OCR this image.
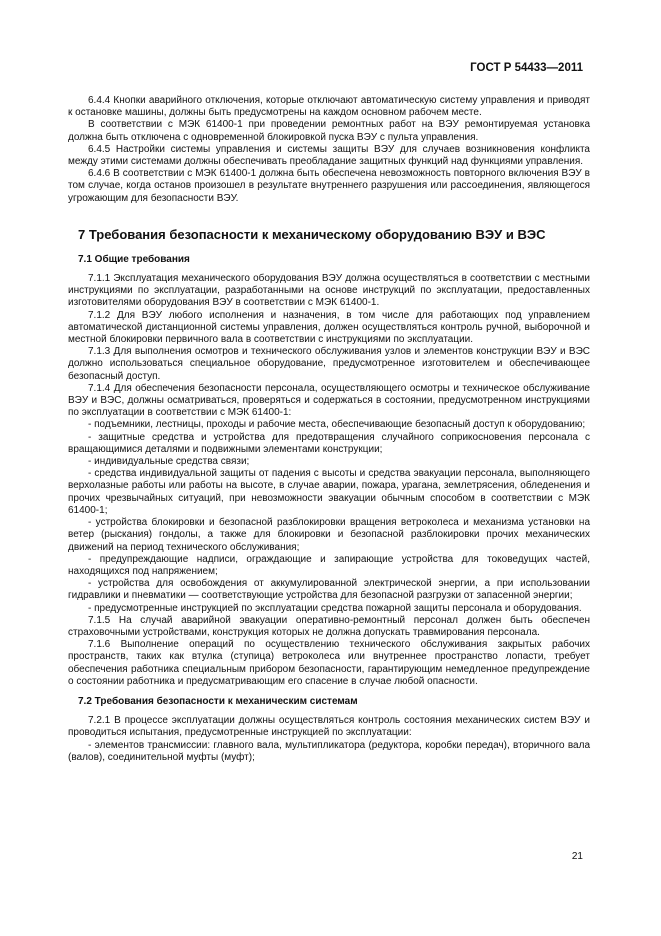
ГОСТ Р 54433—2011

6.4.4 Кнопки аварийного отключения, которые отключают автоматическую систему управления и приводят к остановке машины, должны быть предусмотрены на каждом основном рабочем месте.

В соответствии с МЭК 61400-1 при проведении ремонтных работ на ВЭУ ремонтируемая установка должна быть отключена с одновременной блокировкой пуска ВЭУ с пульта управления.

6.4.5 Настройки системы управления и системы защиты ВЭУ для случаев возникновения конфликта между этими системами должны обеспечивать преобладание защитных функций над функциями управления.

6.4.6 В соответствии с МЭК 61400-1 должна быть обеспечена невозможность повторного включения ВЭУ в том случае, когда останов произошел в результате внутреннего разрушения или рассоединения, являющегося угрожающим для безопасности ВЭУ.

7 Требования безопасности к механическому оборудованию ВЭУ и ВЭС

7.1 Общие требования

7.1.1 Эксплуатация механического оборудования ВЭУ должна осуществляться в соответствии с местными инструкциями по эксплуатации, разработанными на основе инструкций по эксплуатации, предоставленных изготовителями оборудования ВЭУ в соответствии с МЭК 61400-1.

7.1.2 Для ВЭУ любого исполнения и назначения, в том числе для работающих под управлением автоматической дистанционной системы управления, должен осуществляться контроль ручной, выборочной и местной блокировки первичного вала в соответствии с инструкциями по эксплуатации.

7.1.3 Для выполнения осмотров и технического обслуживания узлов и элементов конструкции ВЭУ и ВЭС должно использоваться специальное оборудование, предусмотренное изготовителем и обеспечивающее безопасный доступ.

7.1.4 Для обеспечения безопасности персонала, осуществляющего осмотры и техническое обслуживание ВЭУ и ВЭС, должны осматриваться, проверяться и содержаться в состоянии, предусмотренном инструкциями по эксплуатации в соответствии с МЭК 61400-1:

- подъемники, лестницы, проходы и рабочие места, обеспечивающие безопасный доступ к оборудованию;

- защитные средства и устройства для предотвращения случайного соприкосновения персонала с вращающимися деталями и подвижными элементами конструкции;

- индивидуальные средства связи;

- средства индивидуальной защиты от падения с высоты и средства эвакуации персонала, выполняющего верхолазные работы или работы на высоте, в случае аварии, пожара, урагана, землетрясения, обледенения и прочих чрезвычайных ситуаций, при невозможности эвакуации обычным способом в соответствии с МЭК 61400-1;

- устройства блокировки и безопасной разблокировки вращения ветроколеса и механизма установки на ветер (рыскания) гондолы, а также для блокировки и безопасной разблокировки прочих механических движений на период технического обслуживания;

- предупреждающие надписи, ограждающие и запирающие устройства для токоведущих частей, находящихся под напряжением;

- устройства для освобождения от аккумулированной электрической энергии, а при использовании гидравлики и пневматики — соответствующие устройства для безопасной разгрузки от запасенной энергии;

- предусмотренные инструкцией по эксплуатации средства пожарной защиты персонала и оборудования.

7.1.5 На случай аварийной эвакуации оперативно-ремонтный персонал должен быть обеспечен страховочными устройствами, конструкция которых не должна допускать травмирования персонала.

7.1.6 Выполнение операций по осуществлению технического обслуживания закрытых рабочих пространств, таких как втулка (ступица) ветроколеса или внутреннее пространство лопасти, требует обеспечения работника специальным прибором безопасности, гарантирующим немедленное предупреждение о состоянии работника и предусматривающим его спасение в случае любой опасности.

7.2 Требования безопасности к механическим системам

7.2.1 В процессе эксплуатации должны осуществляться контроль состояния механических систем ВЭУ и проводиться испытания, предусмотренные инструкцией по эксплуатации:

- элементов трансмиссии: главного вала, мультипликатора (редуктора, коробки передач), вторичного вала (валов), соединительной муфты (муфт);

21
